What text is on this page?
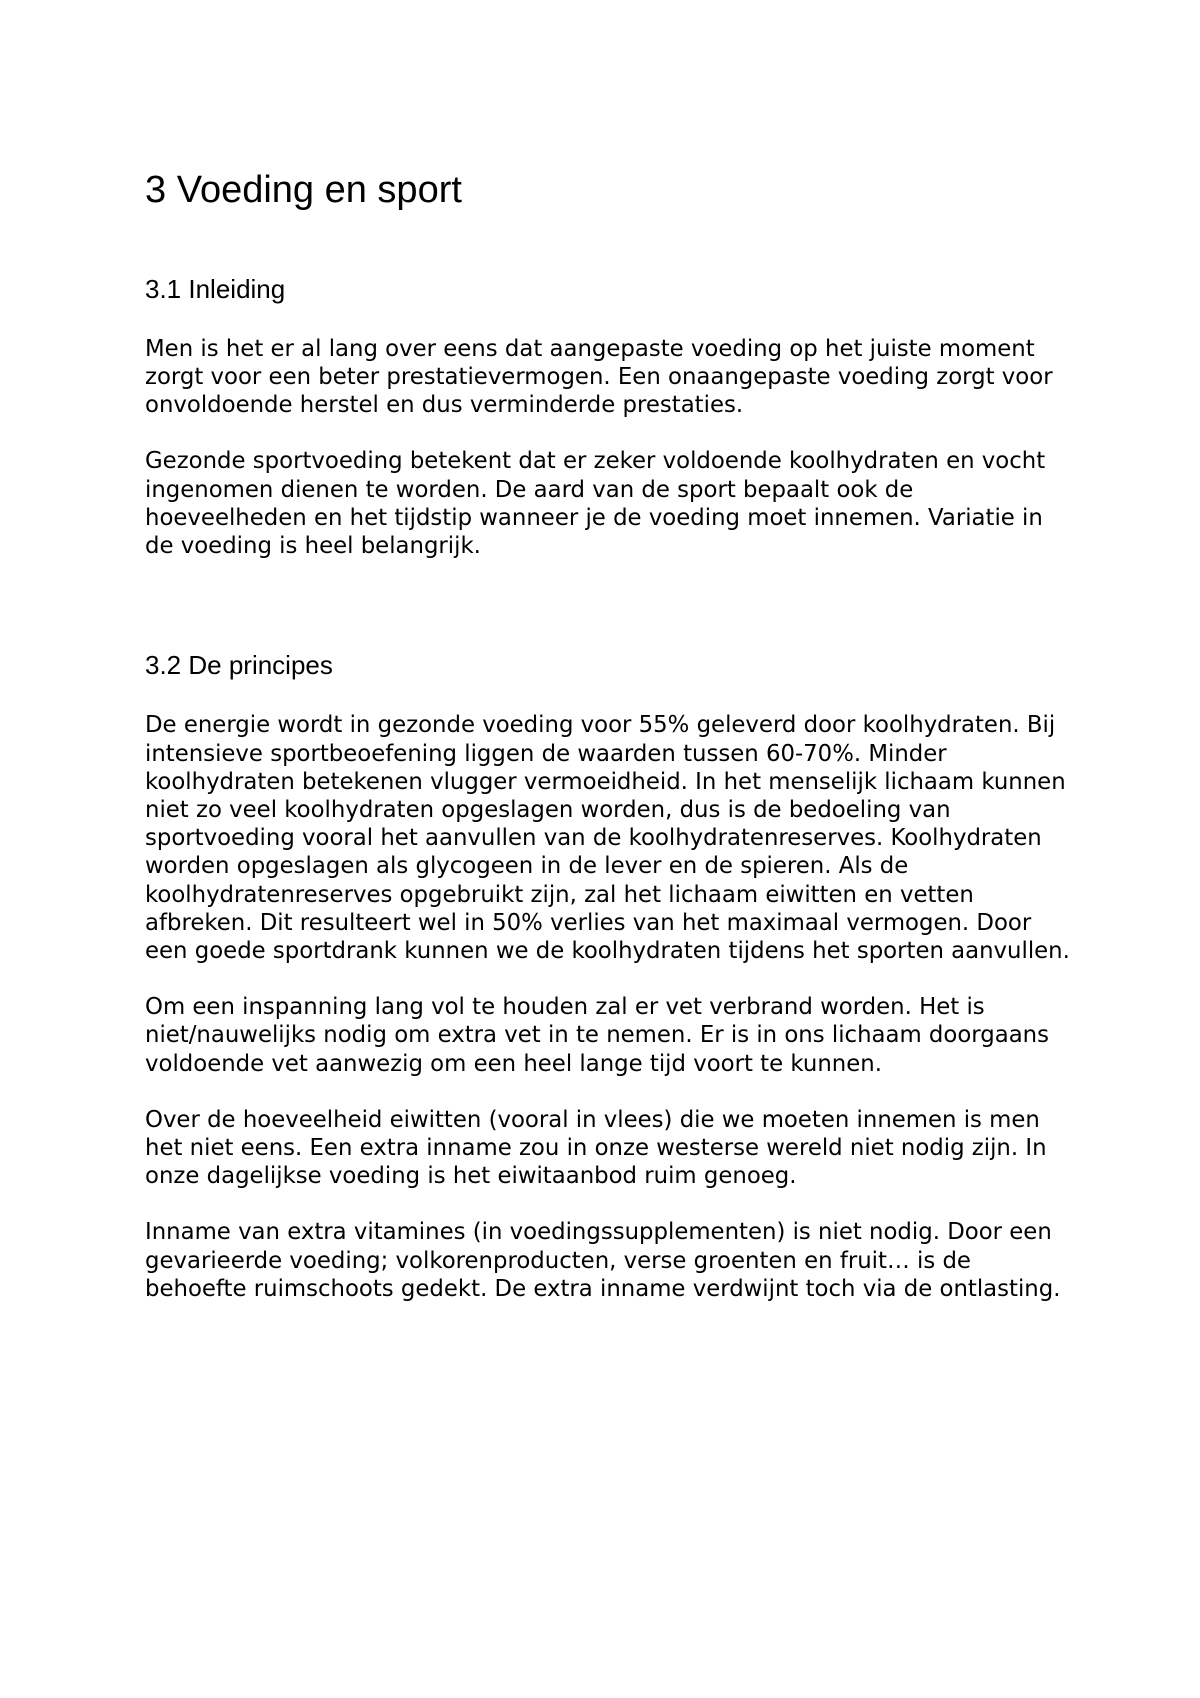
3 Voeding en sport
3.1 Inleiding

Men is het er al lang over eens dat aangepaste voeding op het juiste moment zorgt voor een beter prestatievermogen. Een onaangepaste voeding zorgt voor onvoldoende herstel en dus verminderde prestaties.

Gezonde sportvoeding betekent dat er zeker voldoende koolhydraten en vocht ingenomen dienen te worden. De aard van de sport bepaalt ook de hoeveelheden en het tijdstip wanneer je de voeding moet innemen. Variatie in de voeding is heel belangrijk.

3.2 De principes

De energie wordt in gezonde voeding voor 55% geleverd door koolhydraten. Bij intensieve sportbeoefening liggen de waarden tussen 60-70%. Minder koolhydraten betekenen vlugger vermoeidheid. In het menselijk lichaam kunnen niet zo veel koolhydraten opgeslagen worden, dus is de bedoeling van sportvoeding vooral het aanvullen van de koolhydratenreserves. Koolhydraten worden opgeslagen als glycogeen in de lever en de spieren. Als de koolhydratenreserves opgebruikt zijn, zal het lichaam eiwitten en vetten afbreken. Dit resulteert wel in 50% verlies van het maximaal vermogen. Door een goede sportdrank kunnen we de koolhydraten tijdens het sporten aanvullen.

Om een inspanning lang vol te houden zal er vet verbrand worden. Het is niet/nauwelijks nodig om extra vet in te nemen. Er is in ons lichaam doorgaans voldoende vet aanwezig om een heel lange tijd voort te kunnen.

Over de hoeveelheid eiwitten (vooral in vlees) die we moeten innemen is men het niet eens. Een extra inname zou in onze westerse wereld niet nodig zijn. In onze dagelijkse voeding is het eiwitaanbod ruim genoeg.

Inname van extra vitamines (in voedingssupplementen) is niet nodig. Door een gevarieerde voeding; volkorenproducten, verse groenten en fruit… is de behoefte ruimschoots gedekt. De extra inname verdwijnt toch via de ontlasting.
